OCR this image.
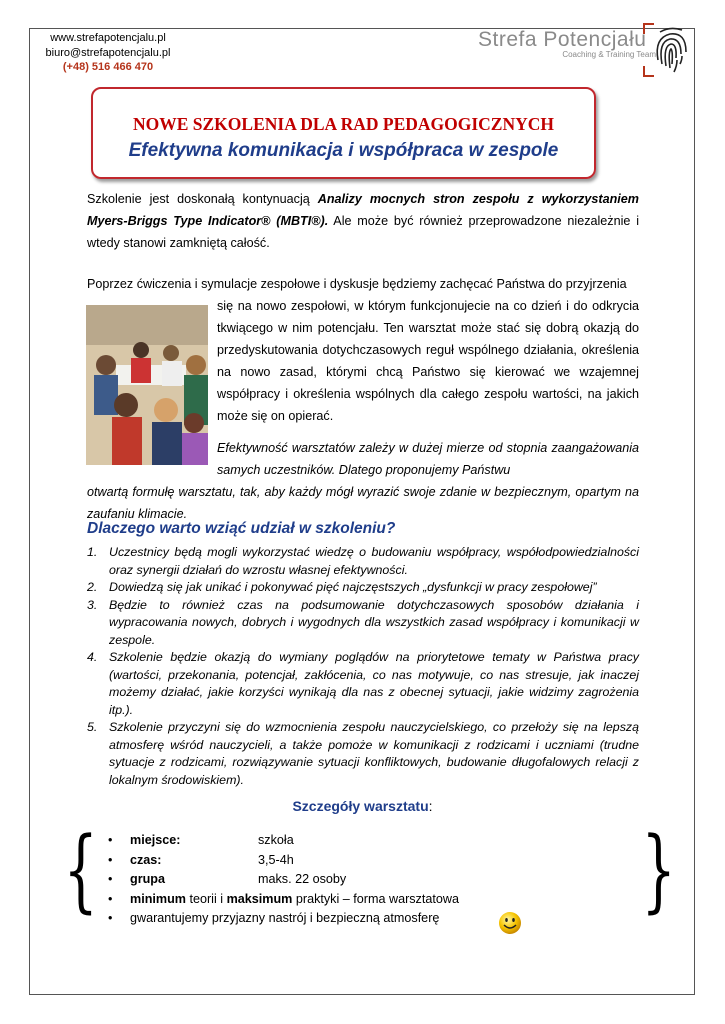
www.strefapotencjalu.pl
biuro@strefapotencjalu.pl
(+48) 516 466 470
Strefa Potencjału
Coaching & Training Team
NOWE SZKOLENIA DLA RAD PEDAGOGICZNYCH
Efektywna komunikacja i współpraca w zespole
Szkolenie jest doskonałą kontynuacją Analizy mocnych stron zespołu z wykorzystaniem Myers-Briggs Type Indicator® (MBTI®). Ale może być również przeprowadzone niezależnie i wtedy stanowi zamkniętą całość.
Poprzez ćwiczenia i symulacje zespołowe i dyskusje będziemy zachęcać Państwa do przyjrzenia
się na nowo zespołowi, w którym funkcjonujecie na co dzień i do odkrycia tkwiącego w nim potencjału. Ten warsztat może stać się dobrą okazją do przedyskutowania dotychczasowych reguł wspólnego działania, określenia na nowo zasad, którymi chcą Państwo się kierować we wzajemnej współpracy i określenia wspólnych dla całego zespołu wartości, na jakich może się on opierać.
Efektywność warsztatów zależy w dużej mierze od stopnia zaangażowania samych uczestników. Dlatego proponujemy Państwu
otwartą formułę warsztatu, tak, aby każdy mógł wyrazić swoje zdanie w bezpiecznym, opartym na zaufaniu klimacie.
Dlaczego warto wziąć udział w szkoleniu?
1. Uczestnicy będą mogli wykorzystać wiedzę o budowaniu współpracy, współodpowiedzialności oraz synergii działań do wzrostu własnej efektywności.
2. Dowiedzą się jak unikać i pokonywać pięć najczęstszych „dysfunkcji w pracy zespołowej”
3. Będzie to również czas na podsumowanie dotychczasowych sposobów działania i wypracowania nowych, dobrych i wygodnych dla wszystkich zasad współpracy i komunikacji w zespole.
4. Szkolenie będzie okazją do wymiany poglądów na priorytetowe tematy w Państwa pracy (wartości, przekonania, potencjał, zakłócenia, co nas motywuje, co nas stresuje, jak inaczej możemy działać, jakie korzyści wynikają dla nas z obecnej sytuacji, jakie widzimy zagrożenia itp.).
5. Szkolenie przyczyni się do wzmocnienia zespołu nauczycielskiego, co przełoży się na lepszą atmosferę wśród nauczycieli, a także pomoże w komunikacji z rodzicami i uczniami (trudne sytuacje z rodzicami, rozwiązywanie sytuacji konfliktowych, budowanie długofalowych relacji z lokalnym środowiskiem).
Szczegóły warsztatu:
{	}
• miejsce:	szkoła
• czas:	3,5-4h
• grupa	maks. 22 osoby
• minimum teorii i maksimum praktyki – forma warsztatowa
• gwarantujemy przyjazny nastrój i bezpieczną atmosferę
